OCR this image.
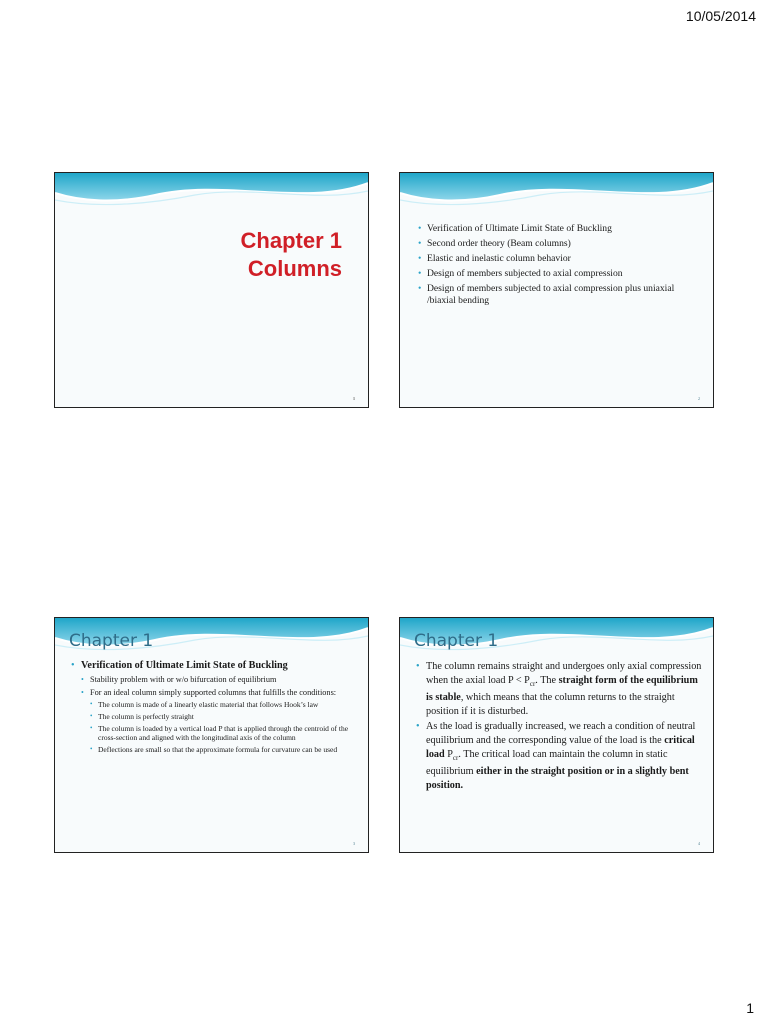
10/05/2014
Chapter 1
Columns
1
• Verification of Ultimate Limit State of Buckling
• Second order theory (Beam columns)
• Elastic and inelastic column behavior
• Design of members subjected to axial compression
• Design of members subjected to axial compression plus uniaxial /biaxial bending
2
Chapter 1
• Verification of Ultimate Limit State of Buckling
• Stability problem with or w/o bifurcation of equilibrium
• For an ideal column simply supported columns that fulfills the conditions:
• The column is made of a linearly elastic material that follows Hook’s law
• The column is perfectly straight
• The column is loaded by a vertical load P that is applied through the centroid of the cross-section and aligned with the longitudinal axis of the column
• Deflections are small so that the approximate formula for curvature can be used
3
Chapter 1
• The column remains straight and undergoes only axial compression when the axial load $P < P_{cr}$. The straight form of the equilibrium is stable, which means that the column returns to the straight position if it is disturbed.
• As the load is gradually increased, we reach a condition of neutral equilibrium and the corresponding value of the load is the critical load $P_{cr}$. The critical load can maintain the column in static equilibrium either in the straight position or in a slightly bent position.
4
1
